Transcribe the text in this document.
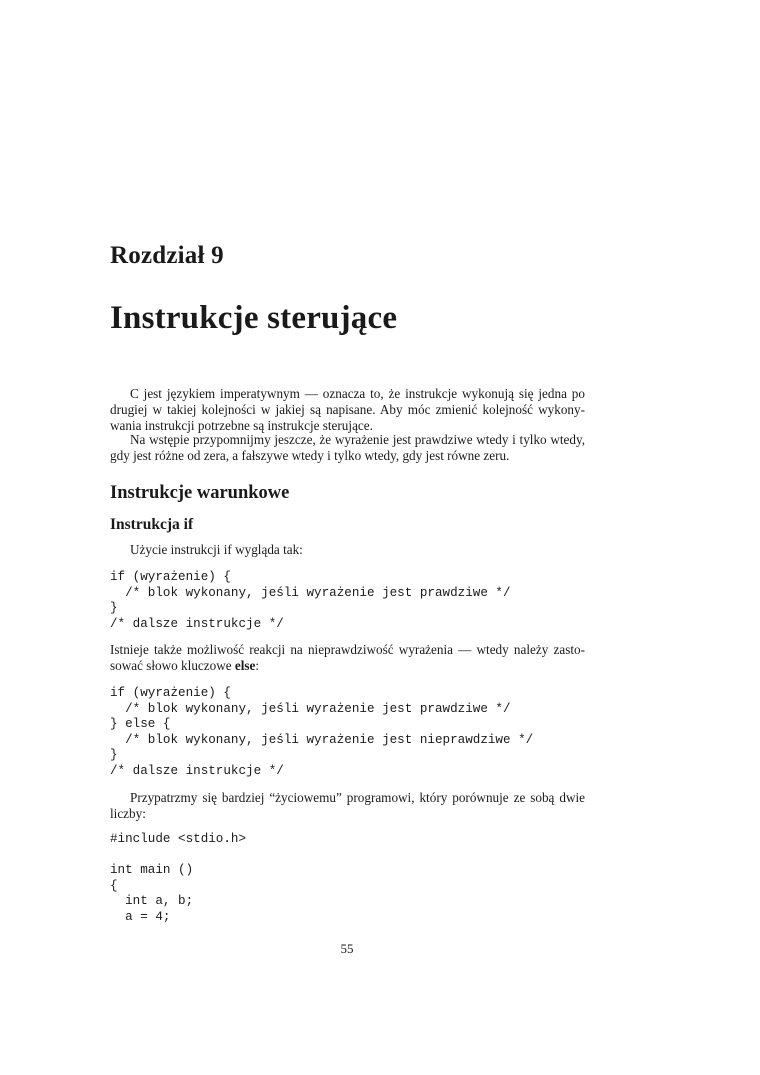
Rozdział 9
Instrukcje sterujące
C jest językiem imperatywnym — oznacza to, że instrukcje wykonują się jedna po
drugiej w takiej kolejności w jakiej są napisane. Aby móc zmienić kolejność wykony-
wania instrukcji potrzebne są instrukcje sterujące.
Na wstępie przypomnijmy jeszcze, że wyrażenie jest prawdziwe wtedy i tylko wtedy,
gdy jest różne od zera, a fałszywe wtedy i tylko wtedy, gdy jest równe zeru.
Instrukcje warunkowe
Instrukcja if
Użycie instrukcji if wygląda tak:
if (wyrażenie) {
/* blok wykonany, jeśli wyrażenie jest prawdziwe */
}
/* dalsze instrukcje */
Istnieje także możliwość reakcji na nieprawdziwość wyrażenia — wtedy należy zasto-
sować słowo kluczowe else:
if (wyrażenie) {
/* blok wykonany, jeśli wyrażenie jest prawdziwe */
} else {
/* blok wykonany, jeśli wyrażenie jest nieprawdziwe */
}
/* dalsze instrukcje */
Przypatrzmy się bardziej “życiowemu” programowi, który porównuje ze sobą dwie
liczby:
#include <stdio.h>

int main ()
{
int a, b;
a = 4;
55
